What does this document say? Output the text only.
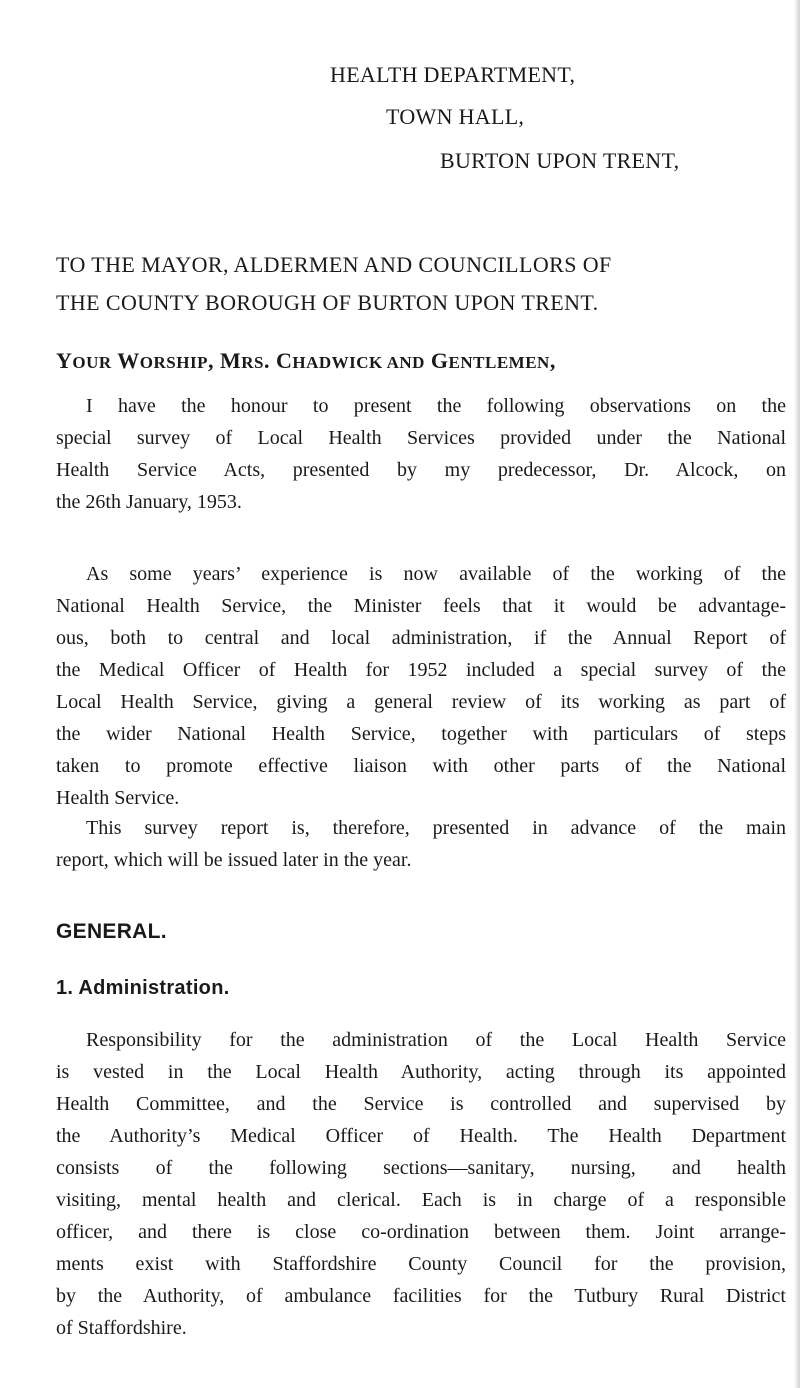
HEALTH DEPARTMENT,
TOWN HALL,
BURTON UPON TRENT,
TO THE MAYOR, ALDERMEN AND COUNCILLORS OF
THE COUNTY BOROUGH OF BURTON UPON TRENT.
YOUR WORSHIP, MRS. CHADWICK AND GENTLEMEN,
I have the honour to present the following observations on the
special survey of Local Health Services provided under the National
Health Service Acts, presented by my predecessor, Dr. Alcock, on
the 26th January, 1953.
As some years’ experience is now available of the working of the
National Health Service, the Minister feels that it would be advantage-
ous, both to central and local administration, if the Annual Report of
the Medical Officer of Health for 1952 included a special survey of the
Local Health Service, giving a general review of its working as part of
the wider National Health Service, together with particulars of steps
taken to promote effective liaison with other parts of the National
Health Service.
This survey report is, therefore, presented in advance of the main
report, which will be issued later in the year.
GENERAL.
1. Administration.
Responsibility for the administration of the Local Health Service
is vested in the Local Health Authority, acting through its appointed
Health Committee, and the Service is controlled and supervised by
the Authority’s Medical Officer of Health. The Health Department
consists of the following sections—sanitary, nursing, and health
visiting, mental health and clerical. Each is in charge of a responsible
officer, and there is close co-ordination between them. Joint arrange-
ments exist with Staffordshire County Council for the provision,
by the Authority, of ambulance facilities for the Tutbury Rural District
of Staffordshire.
